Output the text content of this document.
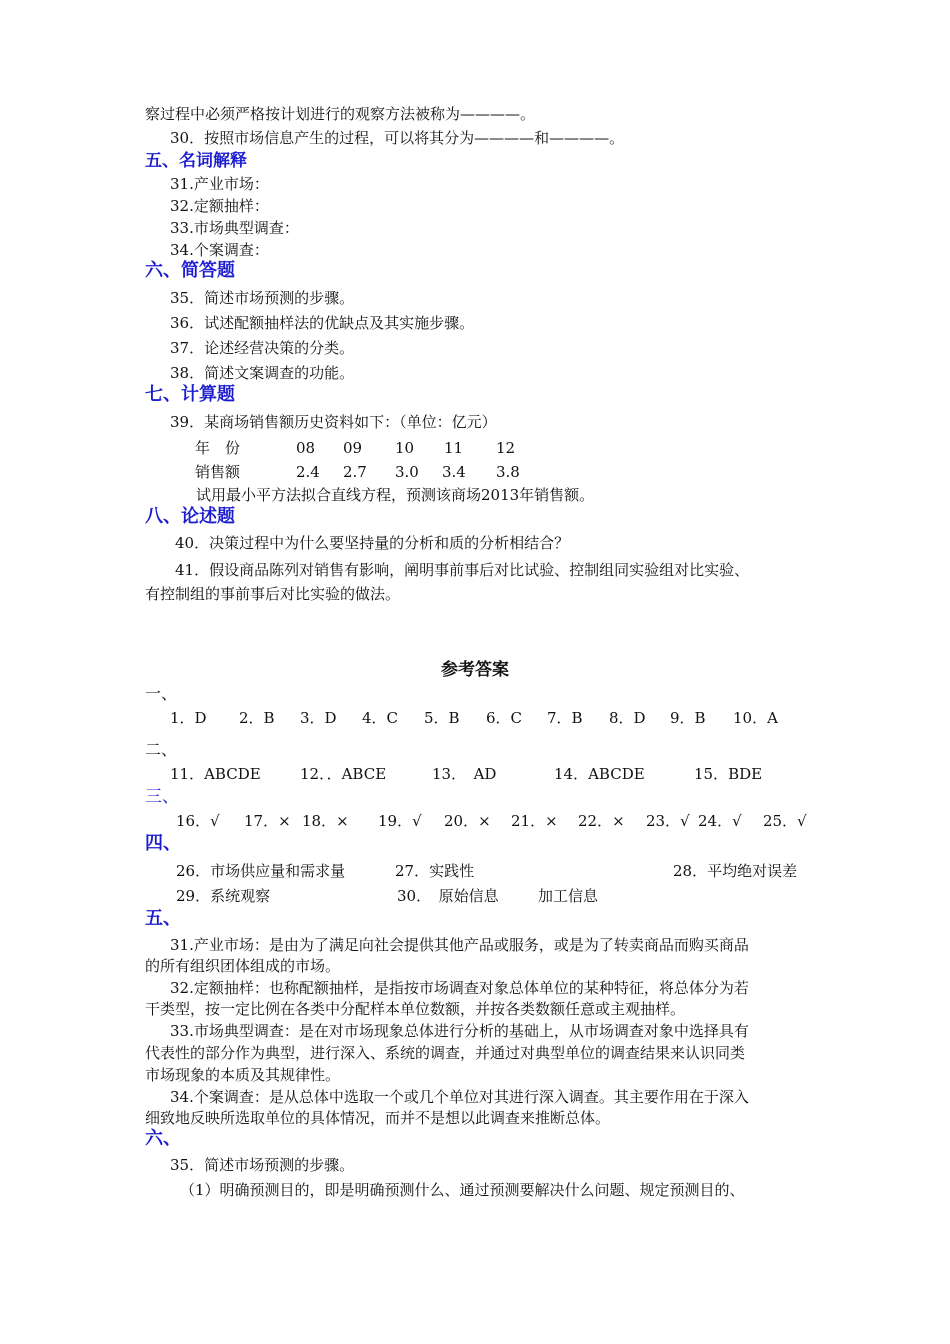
察过程中必须严格按计划进行的观察方法被称为————。
30．按照市场信息产生的过程，可以将其分为————和————。
五、名词解释
31.产业市场：
32.定额抽样：
33.市场典型调查：
34.个案调查：
六、简答题
35．简述市场预测的步骤。
36．试述配额抽样法的优缺点及其实施步骤。
37．论述经营决策的分类。
38．简述文案调查的功能。
七、计算题
39．某商场销售额历史资料如下：（单位：亿元）
年　份	08 09 10 11 12
销售额	2.4 2.7 3.0 3.4 3.8
试用最小平方法拟合直线方程，预测该商场2013年销售额。
八、论述题
40．决策过程中为什么要坚持量的分析和质的分析相结合？
41．假设商品陈列对销售有影响，阐明事前事后对比试验、控制组同实验组对比实验、
有控制组的事前事后对比实验的做法。
参考答案
一、
1．D 2．B 3．D 4．C 5．B 6．C 7．B 8．D 9．B 10．A
二、
11．ABCDE	12．．ABCE	13．　AD	14．ABCDE	15．BDE
三、
16．√ 17．× 18．× 19．√ 20．× 21．× 22．× 23．√ 24．√ 25．√
四、
26．市场供应量和需求量	27．实践性	28．平均绝对误差
29．系统观察	30．　原始信息	加工信息
五、
31.产业市场：是由为了满足向社会提供其他产品或服务，或是为了转卖商品而购买商品
的所有组织团体组成的市场。
32.定额抽样：也称配额抽样，是指按市场调查对象总体单位的某种特征，将总体分为若
干类型，按一定比例在各类中分配样本单位数额，并按各类数额任意或主观抽样。
33.市场典型调查：是在对市场现象总体进行分析的基础上，从市场调查对象中选择具有
代表性的部分作为典型，进行深入、系统的调查，并通过对典型单位的调查结果来认识同类
市场现象的本质及其规律性。
34.个案调查：是从总体中选取一个或几个单位对其进行深入调查。其主要作用在于深入
细致地反映所选取单位的具体情况，而并不是想以此调查来推断总体。
六、
35．简述市场预测的步骤。
（1）明确预测目的，即是明确预测什么、通过预测要解决什么问题、规定预测目的、
